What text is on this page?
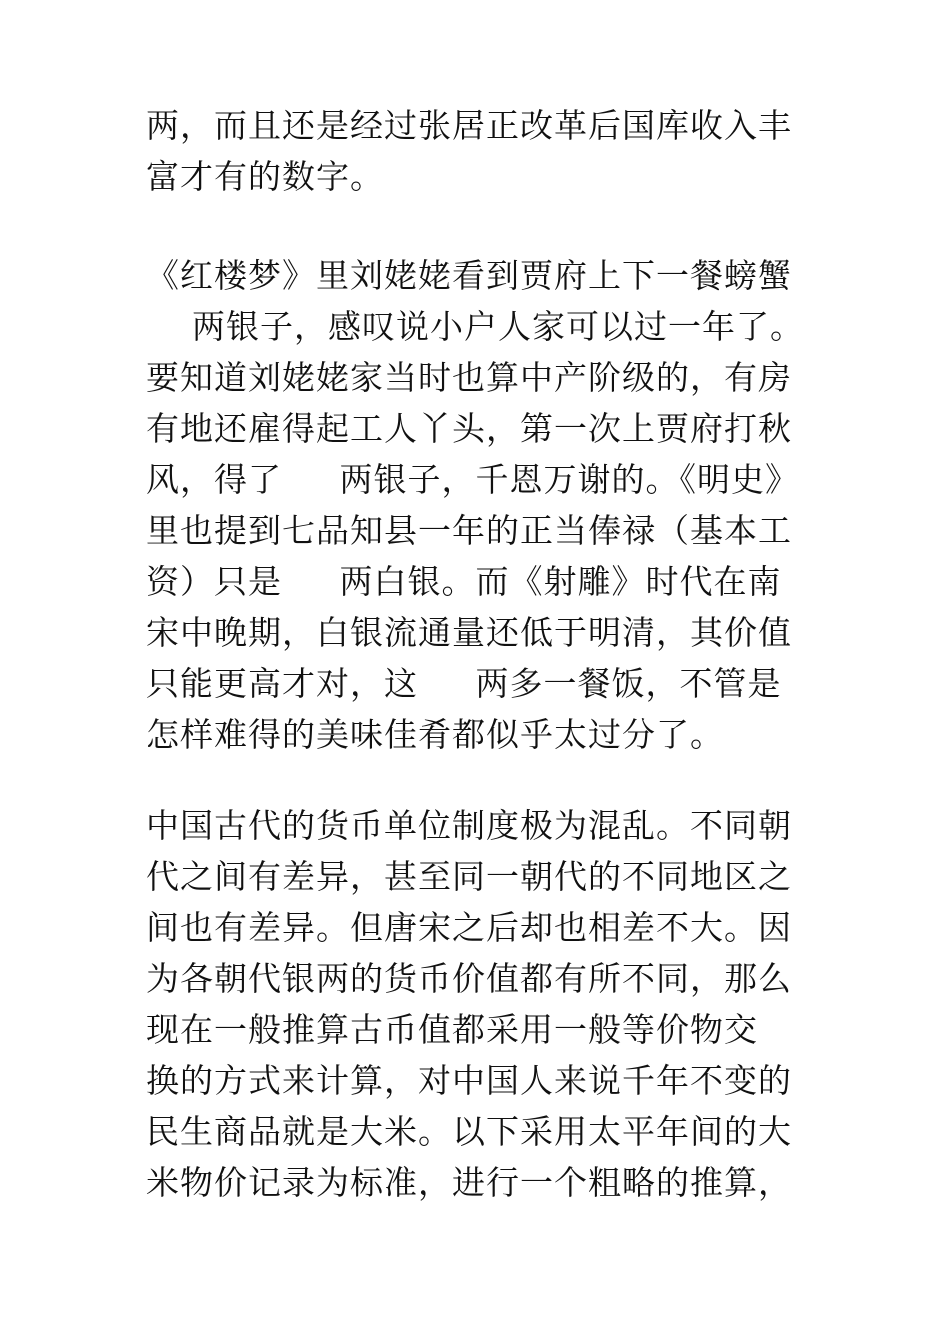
两，而且还是经过张居正改革后国库收入丰
富才有的数字。
《红楼梦》里刘姥姥看到贾府上下一餐螃蟹
两银子，感叹说小户人家可以过一年了。
要知道刘姥姥家当时也算中产阶级的，有房
有地还雇得起工人丫头，第一次上贾府打秋
风，得了     两银子，千恩万谢的。《明史》
里也提到七品知县一年的正当俸禄（基本工
资）只是     两白银。而《射雕》时代在南
宋中晚期，白银流通量还低于明清，其价值
只能更高才对，这     两多一餐饭，不管是
怎样难得的美味佳肴都似乎太过分了。
中国古代的货币单位制度极为混乱。不同朝
代之间有差异，甚至同一朝代的不同地区之
间也有差异。但唐宋之后却也相差不大。因
为各朝代银两的货币价值都有所不同，那么
现在一般推算古币值都采用一般等价物交
换的方式来计算，对中国人来说千年不变的
民生商品就是大米。以下采用太平年间的大
米物价记录为标准，进行一个粗略的推算，
